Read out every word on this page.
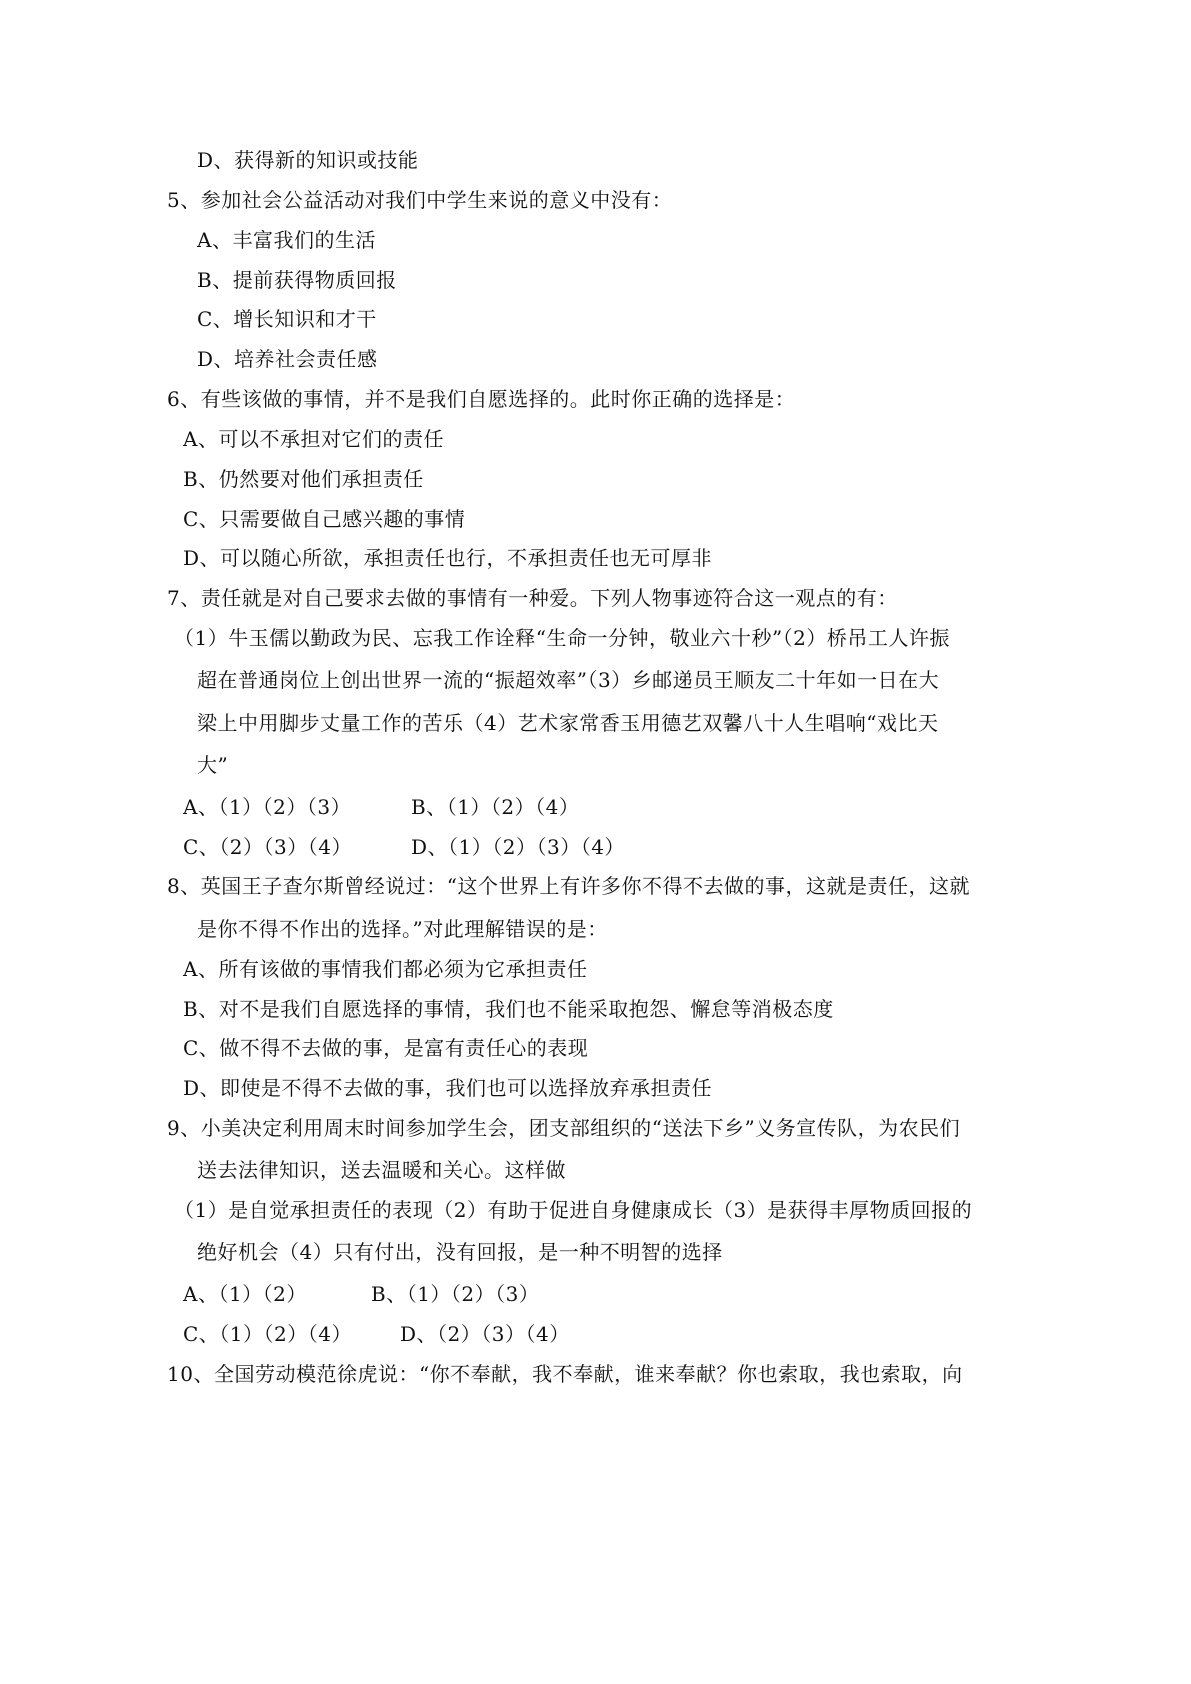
D、获得新的知识或技能
5、参加社会公益活动对我们中学生来说的意义中没有：
A、丰富我们的生活
B、提前获得物质回报
C、增长知识和才干
D、培养社会责任感
6、有些该做的事情，并不是我们自愿选择的。此时你正确的选择是：
A、可以不承担对它们的责任
B、仍然要对他们承担责任
C、只需要做自己感兴趣的事情
D、可以随心所欲，承担责任也行，不承担责任也无可厚非
7、责任就是对自己要求去做的事情有一种爱。下列人物事迹符合这一观点的有：
（1）牛玉儒以勤政为民、忘我工作诠释“生命一分钟，敬业六十秒”（2）桥吊工人许振
超在普通岗位上创出世界一流的“振超效率”（3）乡邮递员王顺友二十年如一日在大
梁上中用脚步丈量工作的苦乐（4）艺术家常香玉用德艺双馨八十人生唱响“戏比天
大”
A、（1）（2）（3）	B、（1）（2）（4）
C、（2）（3）（4）	D、（1）（2）（3）（4）
8、英国王子查尔斯曾经说过：“这个世界上有许多你不得不去做的事，这就是责任，这就
是你不得不作出的选择。”对此理解错误的是：
A、所有该做的事情我们都必须为它承担责任
B、对不是我们自愿选择的事情，我们也不能采取抱怨、懈怠等消极态度
C、做不得不去做的事，是富有责任心的表现
D、即使是不得不去做的事，我们也可以选择放弃承担责任
9、小美决定利用周末时间参加学生会，团支部组织的“送法下乡”义务宣传队，为农民们
送去法律知识，送去温暖和关心。这样做
（1）是自觉承担责任的表现（2）有助于促进自身健康成长（3）是获得丰厚物质回报的
绝好机会（4）只有付出，没有回报，是一种不明智的选择
A、（1）（2）	B、（1）（2）（3）
C、（1）（2）（4） D、（2）（3）（4）
10、全国劳动模范徐虎说：“你不奉献，我不奉献，谁来奉献？你也索取，我也索取，向
